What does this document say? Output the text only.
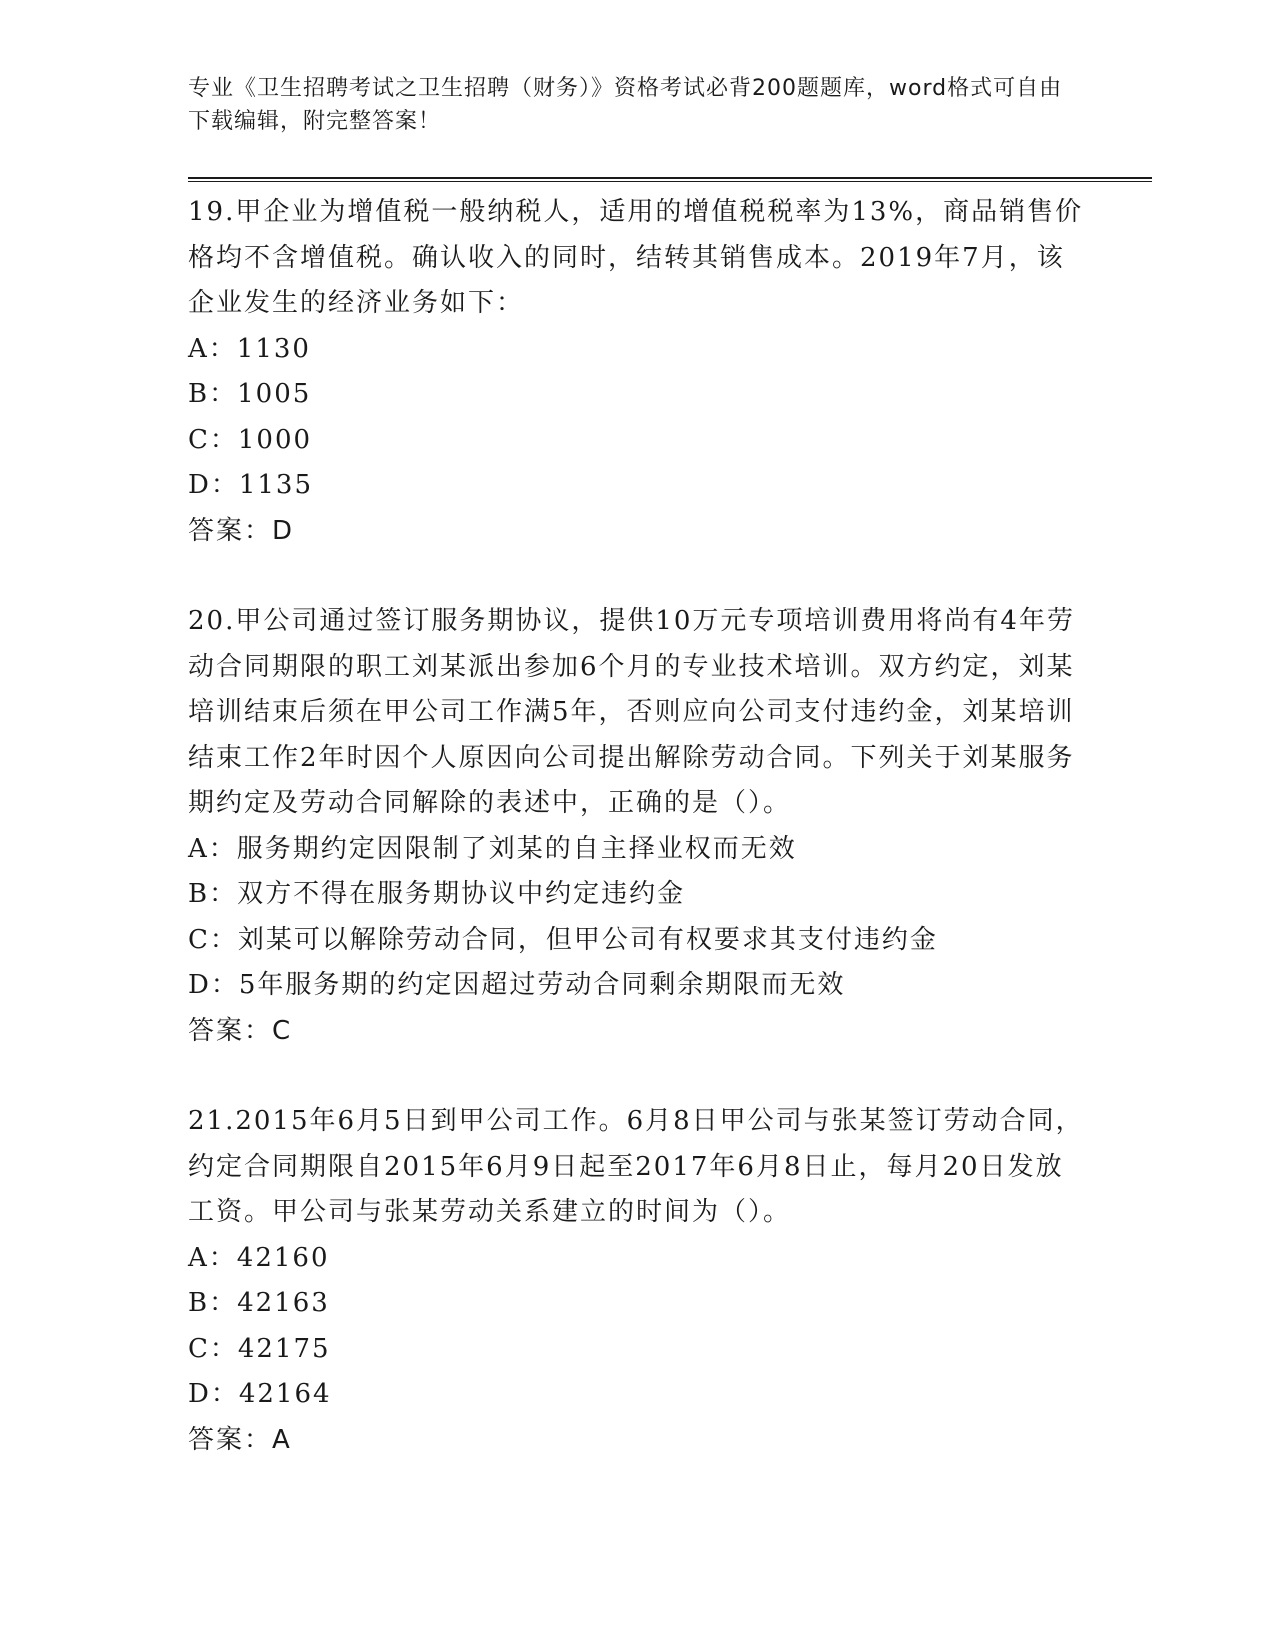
专业《卫生招聘考试之卫生招聘（财务）》资格考试必背200题题库，word格式可自由下载编辑，附完整答案！

19.甲企业为增值税一般纳税人，适用的增值税税率为13%，商品销售价格均不含增值税。确认收入的同时，结转其销售成本。2019年7月，该企业发生的经济业务如下：

A：1130

B：1005

C：1000

D：1135

答案：D

20.甲公司通过签订服务期协议，提供10万元专项培训费用将尚有4年劳动合同期限的职工刘某派出参加6个月的专业技术培训。双方约定，刘某培训结束后须在甲公司工作满5年，否则应向公司支付违约金，刘某培训结束工作2年时因个人原因向公司提出解除劳动合同。下列关于刘某服务期约定及劳动合同解除的表述中，正确的是（）。

A：服务期约定因限制了刘某的自主择业权而无效

B：双方不得在服务期协议中约定违约金

C：刘某可以解除劳动合同，但甲公司有权要求其支付违约金

D：5年服务期的约定因超过劳动合同剩余期限而无效

答案：C

21.2015年6月5日到甲公司工作。6月8日甲公司与张某签订劳动合同，约定合同期限自2015年6月9日起至2017年6月8日止，每月20日发放工资。甲公司与张某劳动关系建立的时间为（）。

A：42160

B：42163

C：42175

D：42164

答案：A
